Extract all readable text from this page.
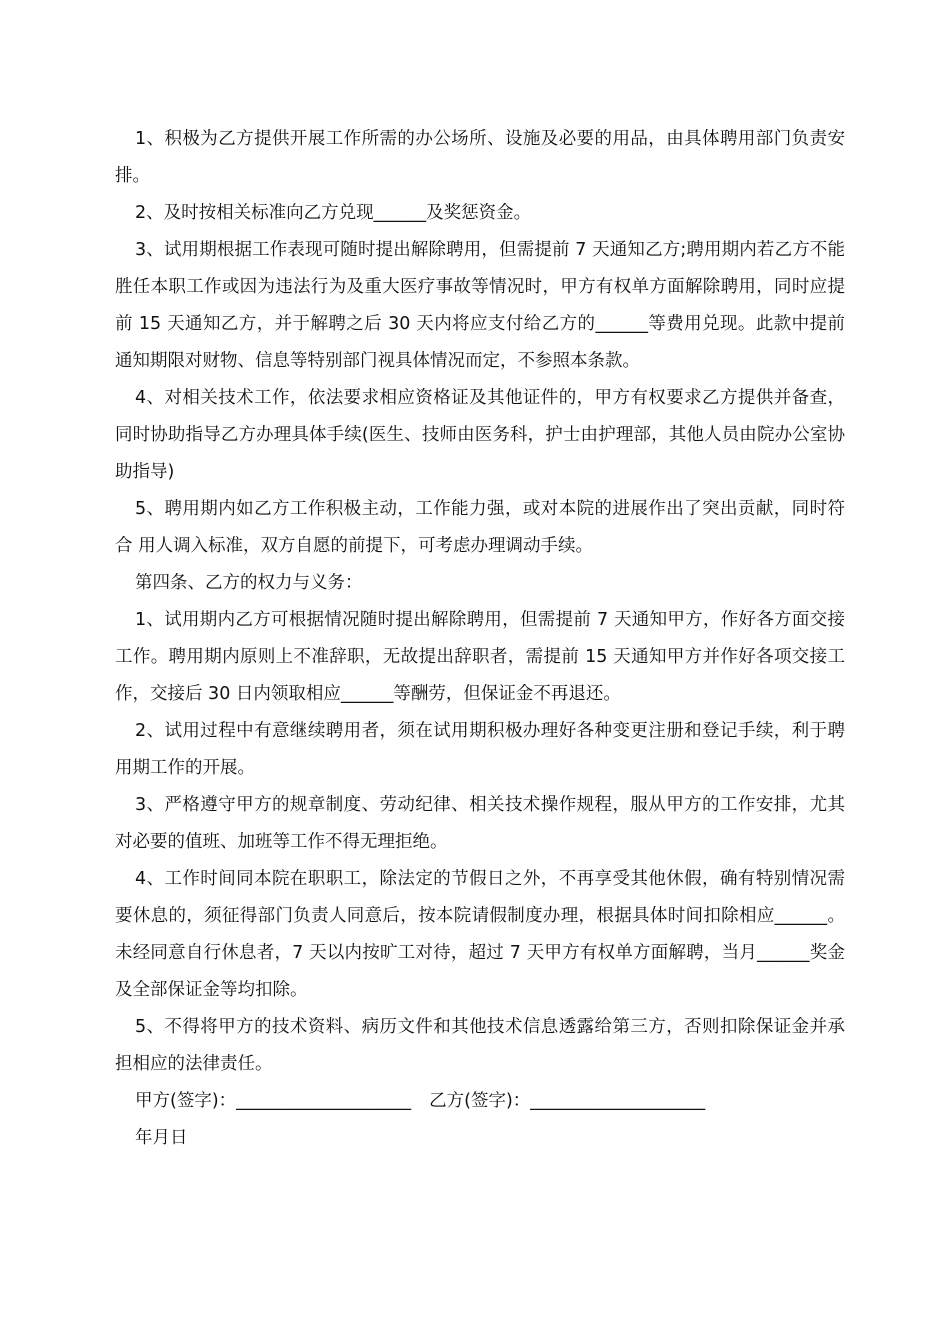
1、积极为乙方提供开展工作所需的办公场所、设施及必要的用品，由具体聘用部门负责安排。

2、及时按相关标准向乙方兑现______及奖惩资金。

3、试用期根据工作表现可随时提出解除聘用，但需提前 7 天通知乙方;聘用期内若乙方不能胜任本职工作或因为违法行为及重大医疗事故等情况时，甲方有权单方面解除聘用，同时应提前 15 天通知乙方，并于解聘之后 30 天内将应支付给乙方的______等费用兑现。此款中提前通知期限对财物、信息等特别部门视具体情况而定，不参照本条款。

4、对相关技术工作，依法要求相应资格证及其他证件的，甲方有权要求乙方提供并备查，同时协助指导乙方办理具体手续(医生、技师由医务科，护士由护理部，其他人员由院办公室协助指导)

5、聘用期内如乙方工作积极主动，工作能力强，或对本院的进展作出了突出贡献，同时符合 用人调入标准，双方自愿的前提下，可考虑办理调动手续。

第四条、乙方的权力与义务：

1、试用期内乙方可根据情况随时提出解除聘用，但需提前 7 天通知甲方，作好各方面交接工作。聘用期内原则上不准辞职，无故提出辞职者，需提前 15 天通知甲方并作好各项交接工作，交接后 30 日内领取相应______等酬劳，但保证金不再退还。

2、试用过程中有意继续聘用者，须在试用期积极办理好各种变更注册和登记手续，利于聘用期工作的开展。

3、严格遵守甲方的规章制度、劳动纪律、相关技术操作规程，服从甲方的工作安排，尤其对必要的值班、加班等工作不得无理拒绝。

4、工作时间同本院在职职工，除法定的节假日之外，不再享受其他休假，确有特别情况需要休息的，须征得部门负责人同意后，按本院请假制度办理，根据具体时间扣除相应______。未经同意自行休息者，7 天以内按旷工对待，超过 7 天甲方有权单方面解聘，当月______奖金及全部保证金等均扣除。

5、不得将甲方的技术资料、病历文件和其他技术信息透露给第三方，否则扣除保证金并承担相应的法律责任。

甲方(签字)：____________________ 乙方(签字)：____________________

年月日
